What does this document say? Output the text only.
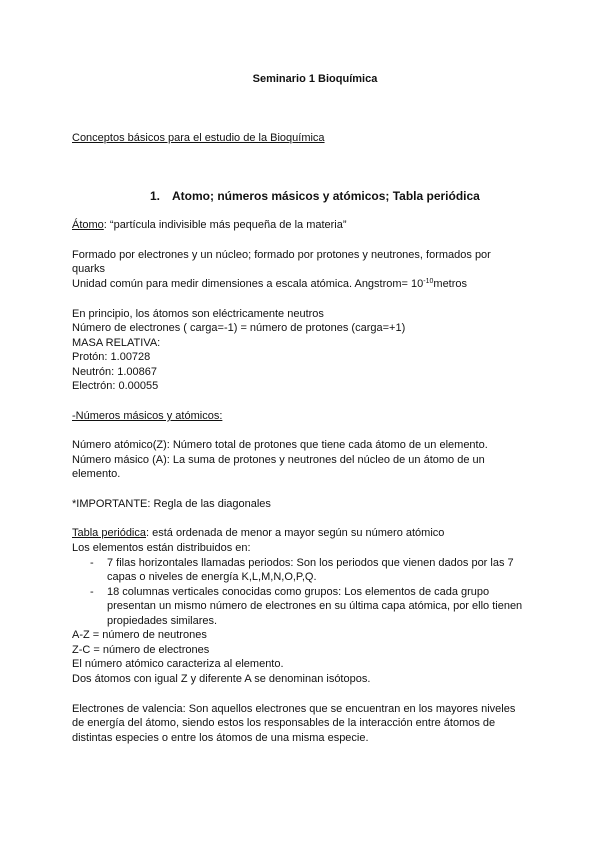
Seminario 1 Bioquímica
Conceptos básicos para el estudio de la Bioquímica
1. Atomo; números másicos y atómicos; Tabla periódica
Átomo: “partícula indivisible más pequeña de la materia”
Formado por electrones y un núcleo; formado por protones y neutrones, formados por
quarks
Unidad común para medir dimensiones a escala atómica. Angstrom= $10^{-10}metros$
En principio, los átomos son eléctricamente neutros
Número de electrones ( carga=-1) = número de protones (carga=+1)
MASA RELATIVA:
Protón: 1.00728
Neutrón: 1.00867
Electrón: 0.00055
-Números másicos y atómicos:
Número atómico(Z): Número total de protones que tiene cada átomo de un elemento.
Número másico (A): La suma de protones y neutrones del núcleo de un átomo de un
elemento.
*IMPORTANTE: Regla de las diagonales
Tabla periódica: está ordenada de menor a mayor según su número atómico
Los elementos están distribuidos en:
- 7 filas horizontales llamadas periodos: Son los periodos que vienen dados por las 7
capas o niveles de energía K,L,M,N,O,P,Q.
- 18 columnas verticales conocidas como grupos: Los elementos de cada grupo
presentan un mismo número de electrones en su última capa atómica, por ello tienen
propiedades similares.
A-Z = número de neutrones
Z-C = número de electrones
El número atómico caracteriza al elemento.
Dos átomos con igual Z y diferente A se denominan isótopos.
Electrones de valencia: Son aquellos electrones que se encuentran en los mayores niveles
de energía del átomo, siendo estos los responsables de la interacción entre átomos de
distintas especies o entre los átomos de una misma especie.
